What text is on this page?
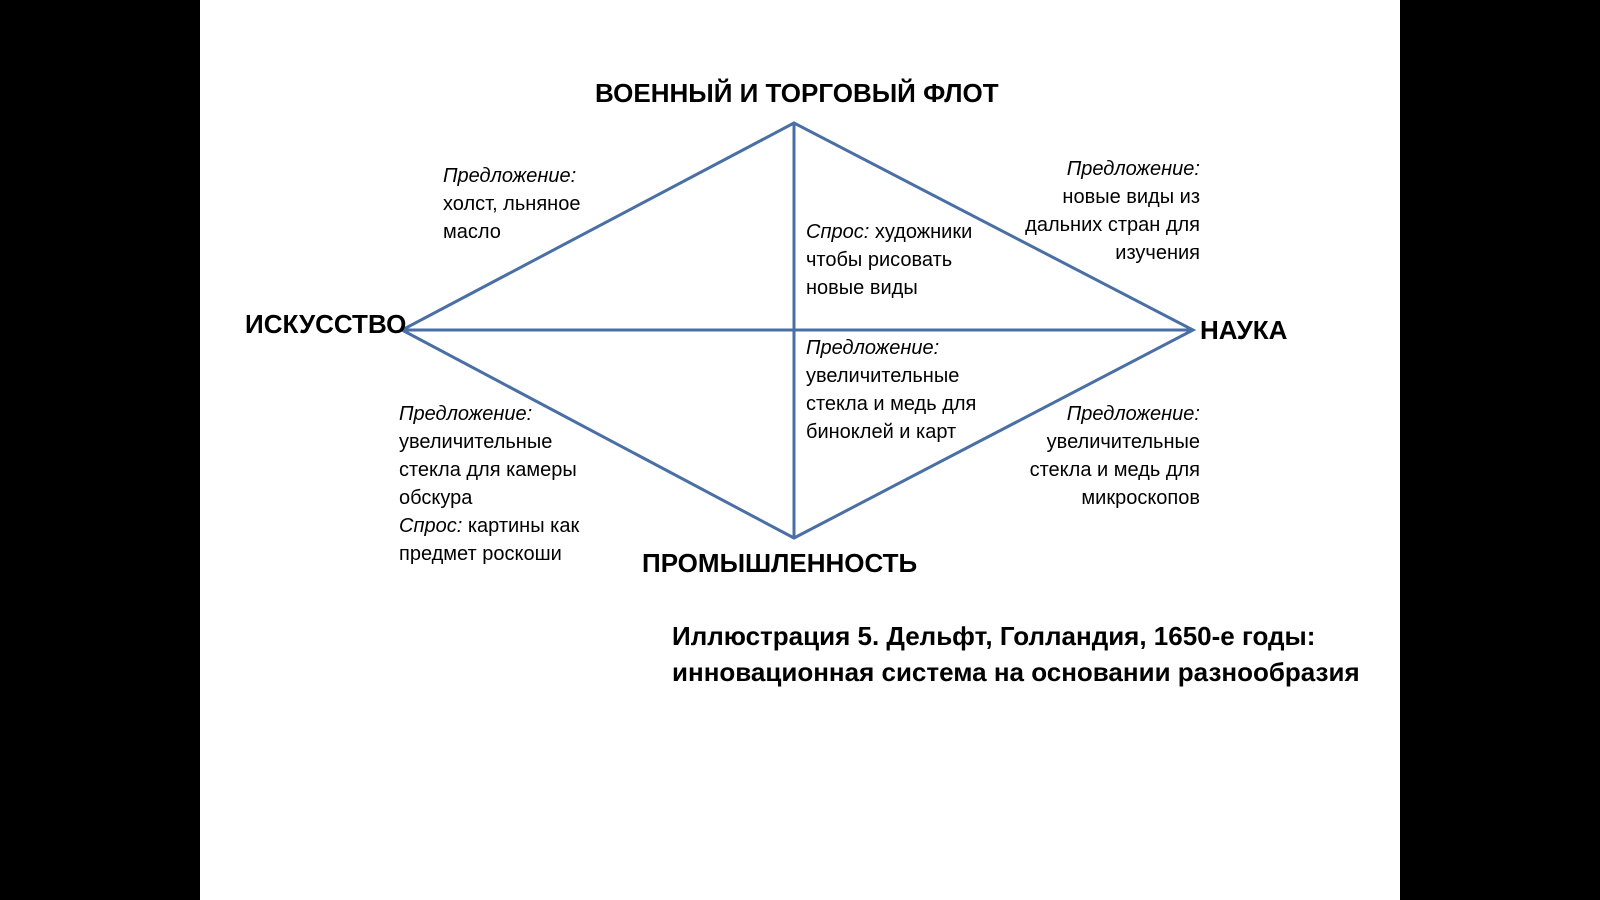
ВОЕННЫЙ И ТОРГОВЫЙ ФЛОТ
ИСКУССТВО	НАУКА
ПРОМЫШЛЕННОСТЬ
Предложение:
холст, льняное
масло
Предложение:
новые виды из
дальних стран для
изучения
Спрос: художники
чтобы рисовать
новые виды
Предложение:
увеличительные
стекла и медь для
биноклей и карт
Предложение:
увеличительные
стекла для камеры
обскура
Спрос: картины как
предмет роскоши
Предложение:
увеличительные
стекла и медь для
микроскопов
Иллюстрация 5. Дельфт, Голландия, 1650-е годы:
инновационная система на основании разнообразия
